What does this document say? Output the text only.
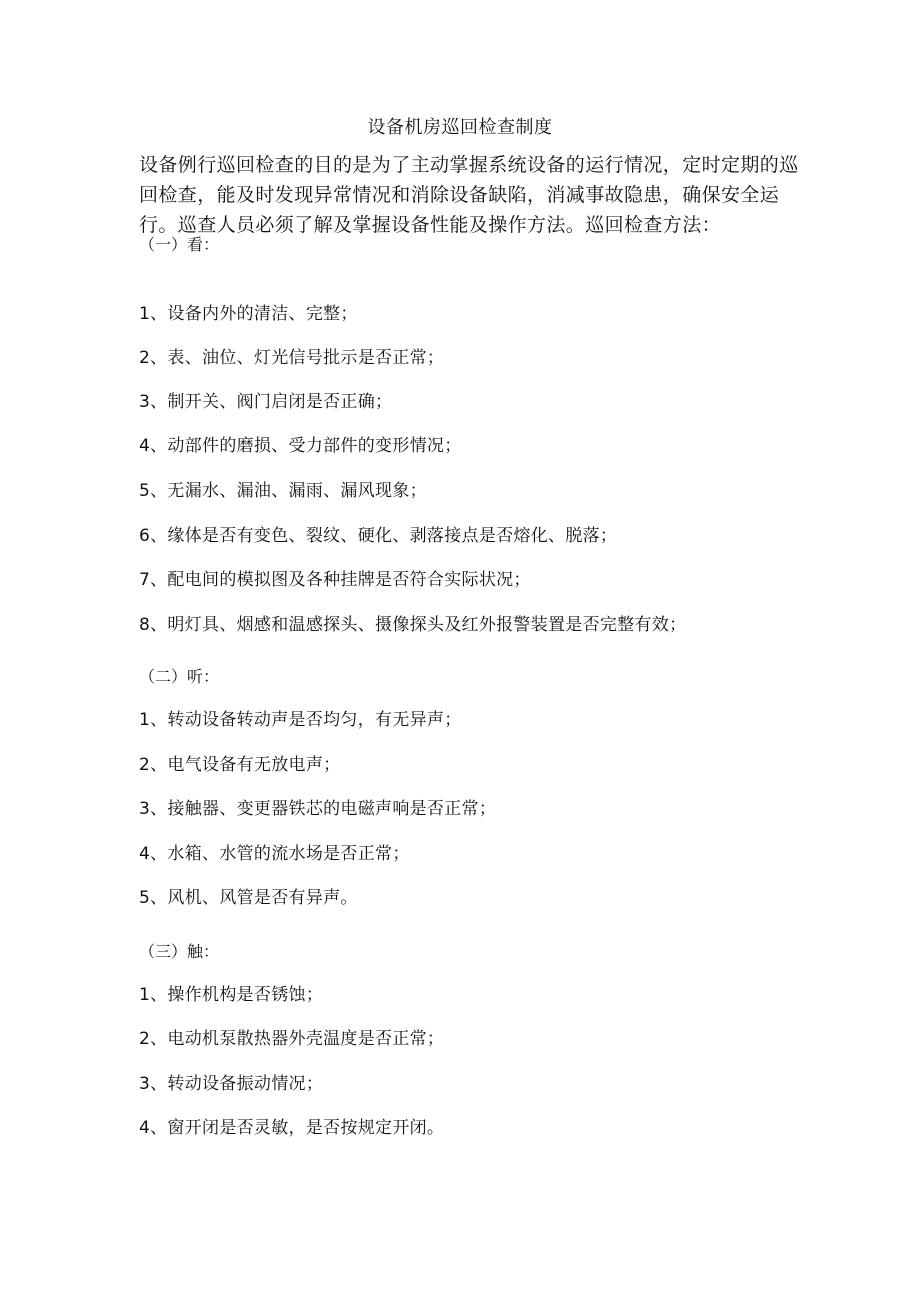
设备机房巡回检查制度
设备例行巡回检查的目的是为了主动掌握系统设备的运行情况，定时定期的巡
回检查，能及时发现异常情况和消除设备缺陷，消减事故隐患，确保安全运
行。巡查人员必须了解及掌握设备性能及操作方法。巡回检查方法：
（一）看：
1、设备内外的清洁、完整；
2、表、油位、灯光信号批示是否正常；
3、制开关、阀门启闭是否正确；
4、动部件的磨损、受力部件的变形情况；
5、无漏水、漏油、漏雨、漏风现象；
6、缘体是否有变色、裂纹、硬化、剥落接点是否熔化、脱落；
7、配电间的模拟图及各种挂牌是否符合实际状况；
8、明灯具、烟感和温感探头、摄像探头及红外报警装置是否完整有效；
（二）听：
1、转动设备转动声是否均匀，有无异声；
2、电气设备有无放电声；
3、接触器、变更器铁芯的电磁声响是否正常；
4、水箱、水管的流水场是否正常；
5、风机、风管是否有异声。
（三）触：
1、操作机构是否锈蚀；
2、电动机泵散热器外壳温度是否正常；
3、转动设备振动情况；
4、窗开闭是否灵敏，是否按规定开闭。
